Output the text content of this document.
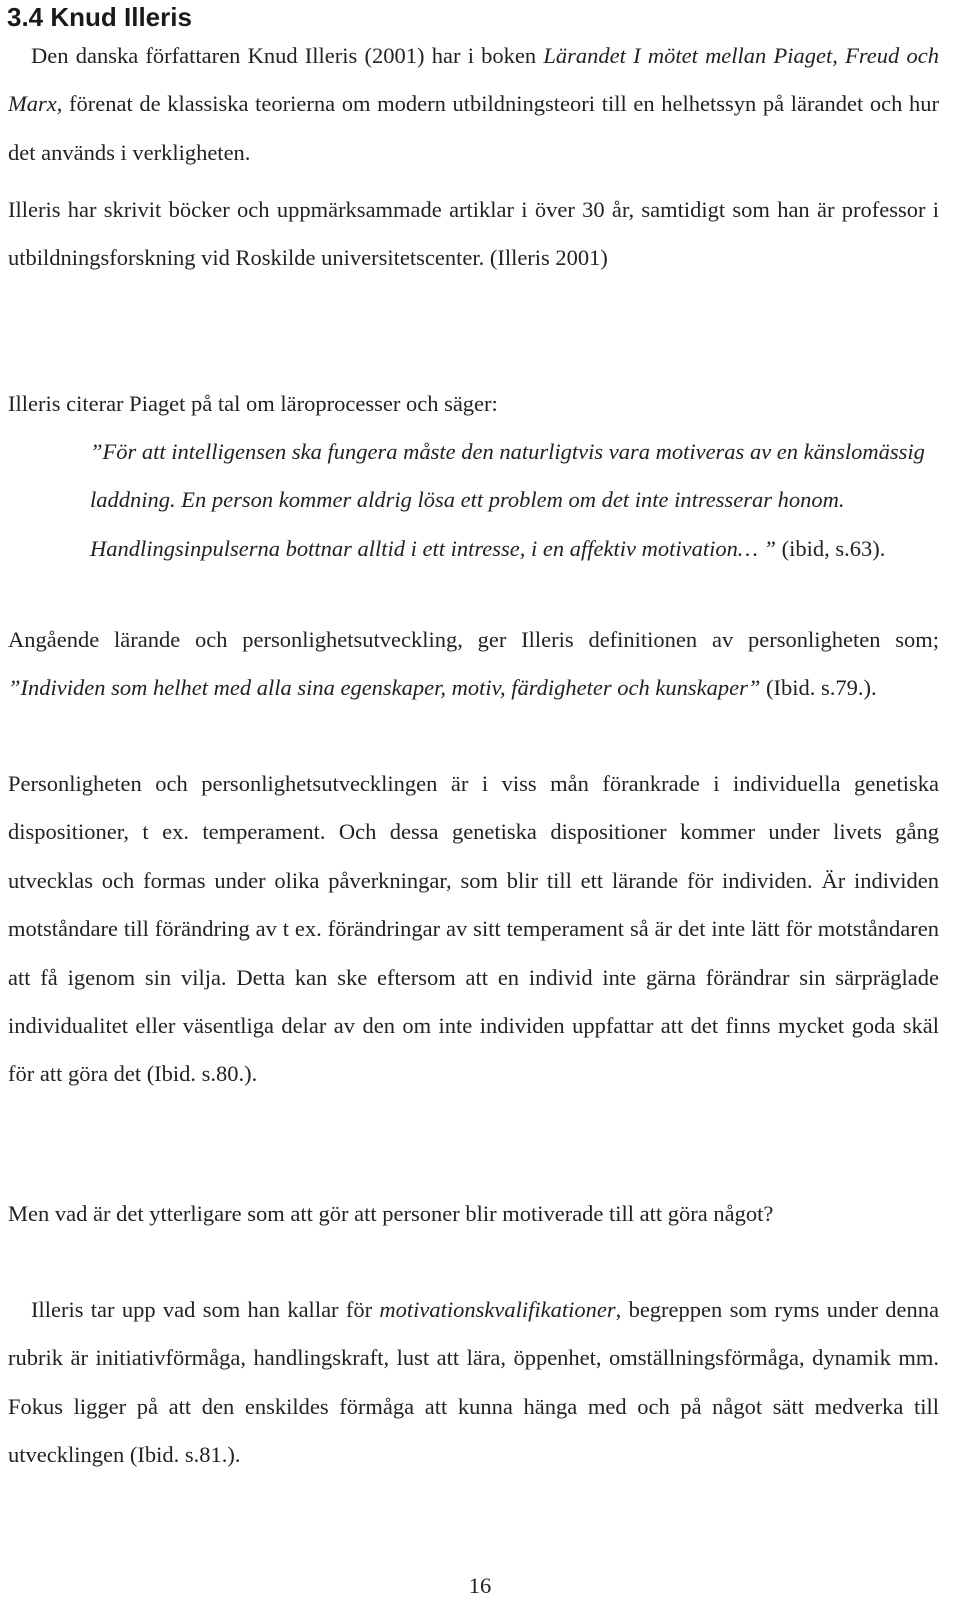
3.4 Knud Illeris

Den danska författaren Knud Illeris (2001) har i boken Lärandet I mötet mellan Piaget, Freud och Marx, förenat de klassiska teorierna om modern utbildningsteori till en helhetssyn på lärandet och hur det används i verkligheten.

Illeris har skrivit böcker och uppmärksammade artiklar i över 30 år, samtidigt som han är professor i utbildningsforskning vid Roskilde universitetscenter. (Illeris 2001)

Illeris citerar Piaget på tal om läroprocesser och säger:

”För att intelligensen ska fungera måste den naturligtvis vara motiveras av en känslomässig laddning. En person kommer aldrig lösa ett problem om det inte intresserar honom. Handlingsinpulserna bottnar alltid i ett intresse, i en affektiv motivation… ” (ibid, s.63).

Angående lärande och personlighetsutveckling, ger Illeris definitionen av personligheten som; ”Individen som helhet med alla sina egenskaper, motiv, färdigheter och kunskaper” (Ibid. s.79.).

Personligheten och personlighetsutvecklingen är i viss mån förankrade i individuella genetiska dispositioner, t ex. temperament. Och dessa genetiska dispositioner kommer under livets gång utvecklas och formas under olika påverkningar, som blir till ett lärande för individen. Är individen motståndare till förändring av t ex. förändringar av sitt temperament så är det inte lätt för motståndaren att få igenom sin vilja. Detta kan ske eftersom att en individ inte gärna förändrar sin särpräglade individualitet eller väsentliga delar av den om inte individen uppfattar att det finns mycket goda skäl för att göra det (Ibid. s.80.).

Men vad är det ytterligare som att gör att personer blir motiverade till att göra något?

Illeris tar upp vad som han kallar för motivationskvalifikationer, begreppen som ryms under denna rubrik är initiativförmåga, handlingskraft, lust att lära, öppenhet, omställningsförmåga, dynamik mm. Fokus ligger på att den enskildes förmåga att kunna hänga med och på något sätt medverka till utvecklingen (Ibid. s.81.).

16
